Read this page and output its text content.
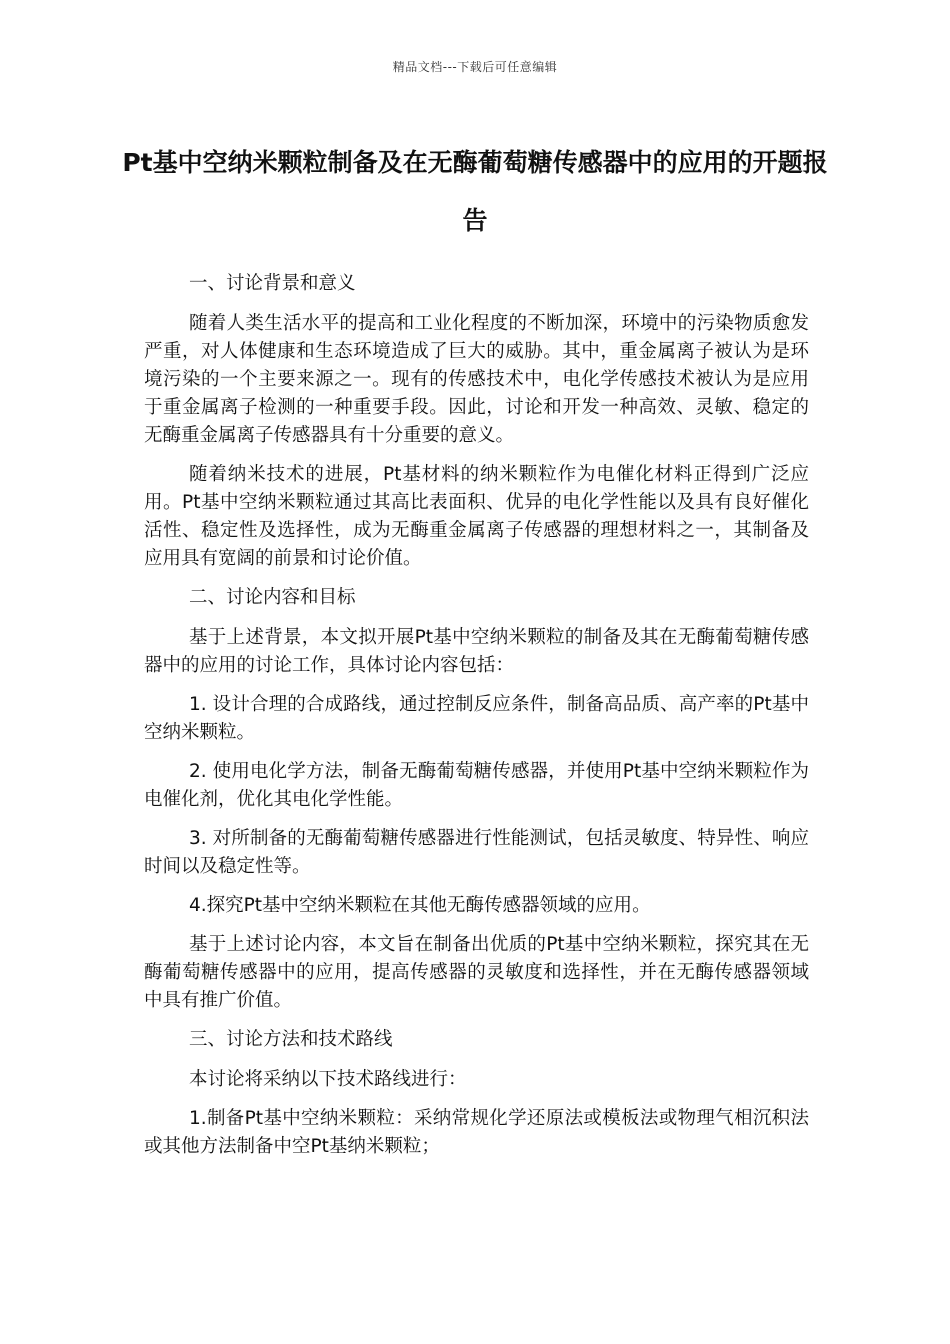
精品文档---下载后可任意编辑
Pt基中空纳米颗粒制备及在无酶葡萄糖传感器中的应用的开题报告

一、讨论背景和意义

随着人类生活水平的提高和工业化程度的不断加深，环境中的污染物质愈发严重，对人体健康和生态环境造成了巨大的威胁。其中，重金属离子被认为是环境污染的一个主要来源之一。现有的传感技术中，电化学传感技术被认为是应用于重金属离子检测的一种重要手段。因此，讨论和开发一种高效、灵敏、稳定的无酶重金属离子传感器具有十分重要的意义。

随着纳米技术的进展，Pt基材料的纳米颗粒作为电催化材料正得到广泛应用。Pt基中空纳米颗粒通过其高比表面积、优异的电化学性能以及具有良好催化活性、稳定性及选择性，成为无酶重金属离子传感器的理想材料之一，其制备及应用具有宽阔的前景和讨论价值。

二、讨论内容和目标

基于上述背景，本文拟开展Pt基中空纳米颗粒的制备及其在无酶葡萄糖传感器中的应用的讨论工作，具体讨论内容包括：

1. 设计合理的合成路线，通过控制反应条件，制备高品质、高产率的Pt基中空纳米颗粒。

2. 使用电化学方法，制备无酶葡萄糖传感器，并使用Pt基中空纳米颗粒作为电催化剂，优化其电化学性能。

3. 对所制备的无酶葡萄糖传感器进行性能测试，包括灵敏度、特异性、响应时间以及稳定性等。

4.探究Pt基中空纳米颗粒在其他无酶传感器领域的应用。

基于上述讨论内容，本文旨在制备出优质的Pt基中空纳米颗粒，探究其在无酶葡萄糖传感器中的应用，提高传感器的灵敏度和选择性，并在无酶传感器领域中具有推广价值。

三、讨论方法和技术路线

本讨论将采纳以下技术路线进行：

1.制备Pt基中空纳米颗粒：采纳常规化学还原法或模板法或物理气相沉积法或其他方法制备中空Pt基纳米颗粒；
